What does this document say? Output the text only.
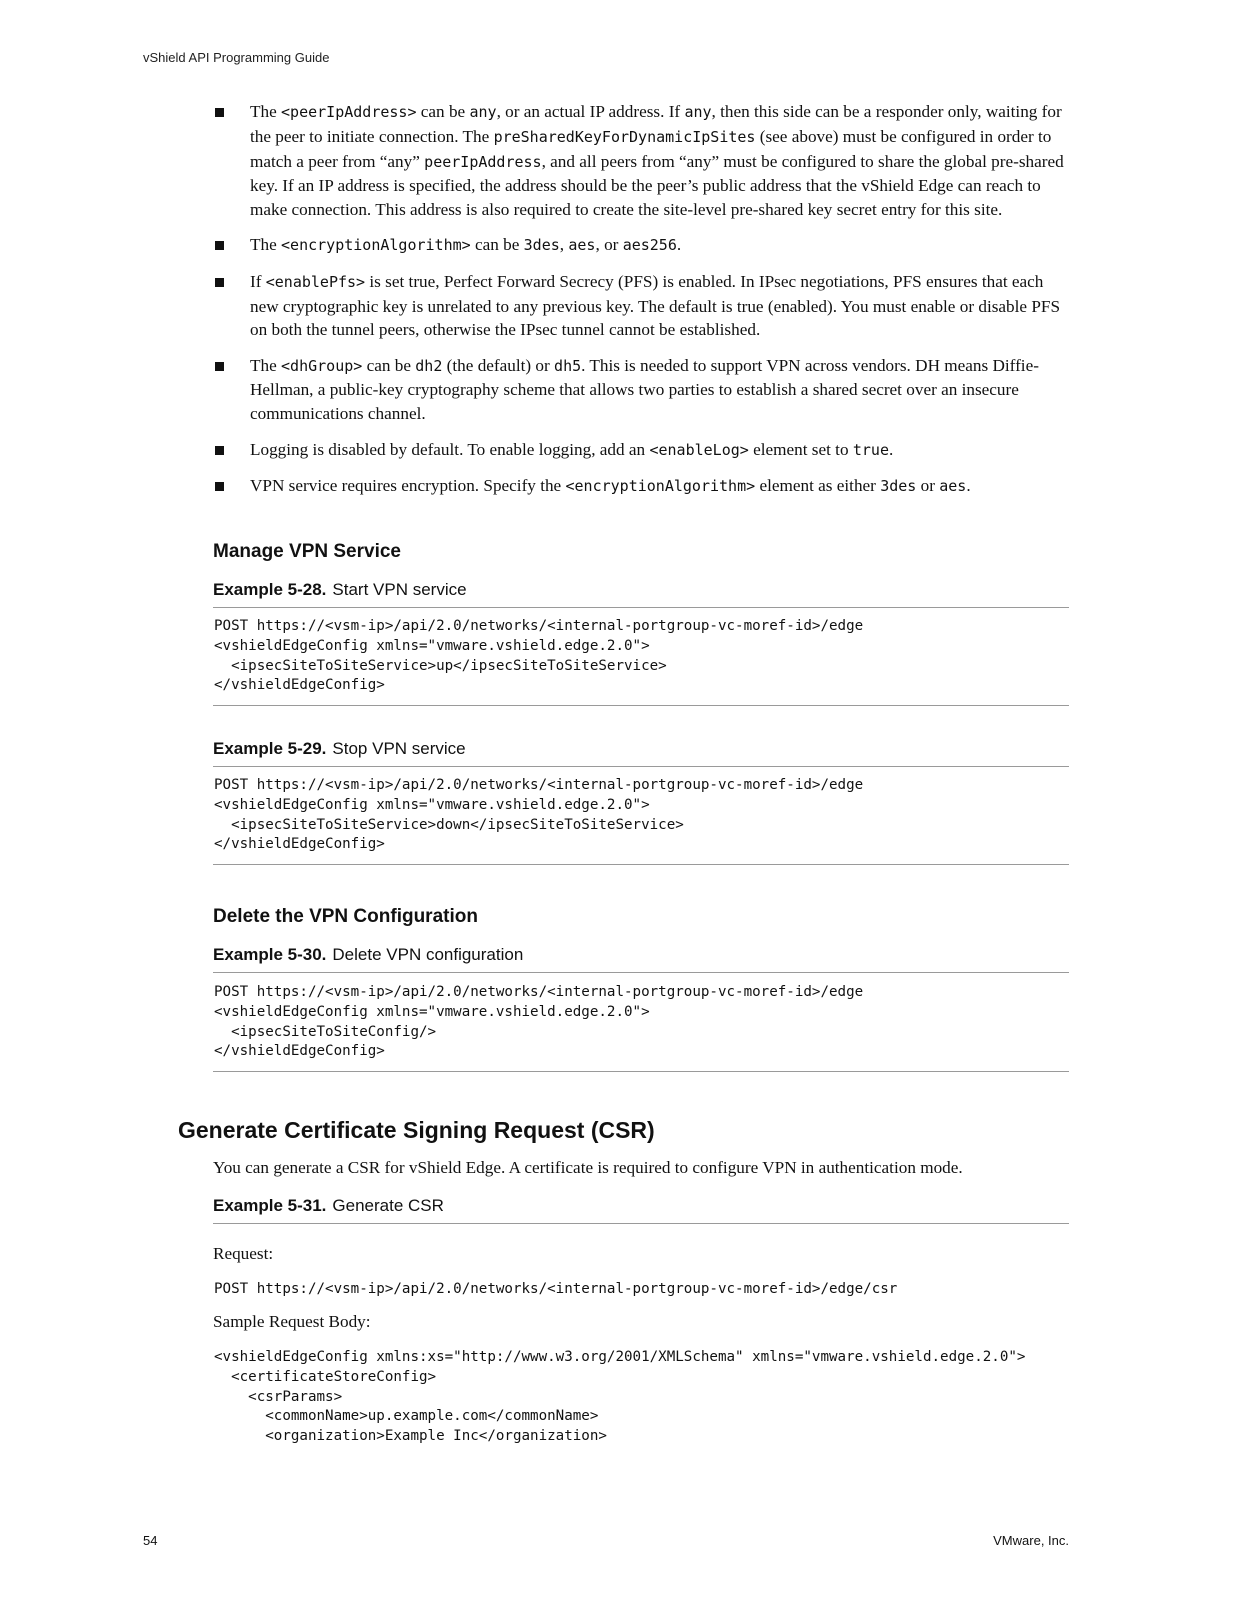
vShield API Programming Guide
The <peerIpAddress> can be any, or an actual IP address. If any, then this side can be a responder only, waiting for the peer to initiate connection. The preSharedKeyForDynamicIpSites (see above) must be configured in order to match a peer from “any” peerIpAddress, and all peers from “any” must be configured to share the global pre-shared key. If an IP address is specified, the address should be the peer’s public address that the vShield Edge can reach to make connection. This address is also required to create the site-level pre-shared key secret entry for this site.
The <encryptionAlgorithm> can be 3des, aes, or aes256.
If <enablePfs> is set true, Perfect Forward Secrecy (PFS) is enabled. In IPsec negotiations, PFS ensures that each new cryptographic key is unrelated to any previous key. The default is true (enabled). You must enable or disable PFS on both the tunnel peers, otherwise the IPsec tunnel cannot be established.
The <dhGroup> can be dh2 (the default) or dh5. This is needed to support VPN across vendors. DH means Diffie-Hellman, a public-key cryptography scheme that allows two parties to establish a shared secret over an insecure communications channel.
Logging is disabled by default. To enable logging, add an <enableLog> element set to true.
VPN service requires encryption. Specify the <encryptionAlgorithm> element as either 3des or aes.
Manage VPN Service
Example 5-28. Start VPN service
POST https://<vsm-ip>/api/2.0/networks/<internal-portgroup-vc-moref-id>/edge
<vshieldEdgeConfig xmlns="vmware.vshield.edge.2.0">
<ipsecSiteToSiteService>up</ipsecSiteToSiteService>
</vshieldEdgeConfig>
Example 5-29. Stop VPN service
POST https://<vsm-ip>/api/2.0/networks/<internal-portgroup-vc-moref-id>/edge
<vshieldEdgeConfig xmlns="vmware.vshield.edge.2.0">
<ipsecSiteToSiteService>down</ipsecSiteToSiteService>
</vshieldEdgeConfig>
Delete the VPN Configuration
Example 5-30. Delete VPN configuration
POST https://<vsm-ip>/api/2.0/networks/<internal-portgroup-vc-moref-id>/edge
<vshieldEdgeConfig xmlns="vmware.vshield.edge.2.0">
<ipsecSiteToSiteConfig/>
</vshieldEdgeConfig>
Generate Certificate Signing Request (CSR)
You can generate a CSR for vShield Edge. A certificate is required to configure VPN in authentication mode.
Example 5-31. Generate CSR
Request:
POST https://<vsm-ip>/api/2.0/networks/<internal-portgroup-vc-moref-id>/edge/csr
Sample Request Body:
<vshieldEdgeConfig xmlns:xs="http://www.w3.org/2001/XMLSchema" xmlns="vmware.vshield.edge.2.0">
<certificateStoreConfig>
<csrParams>
<commonName>up.example.com</commonName>
<organization>Example Inc</organization>
54	VMware, Inc.
